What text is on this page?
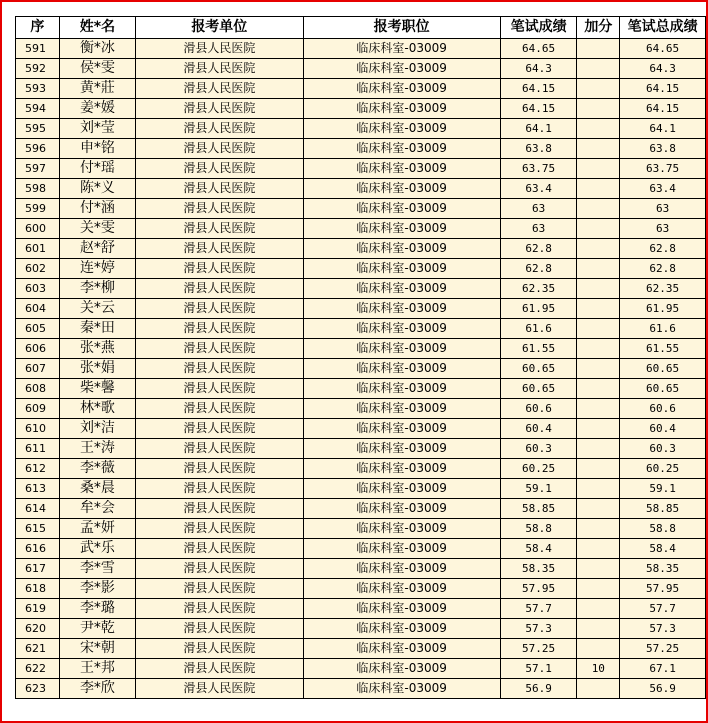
序	姓*名	报考单位	报考职位	笔试成绩	加分	笔试总成绩
591	衡*冰	滑县人民医院	临床科室-03009	64.65		64.65
592	侯*雯	滑县人民医院	临床科室-03009	64.3		64.3
593	黄*莊	滑县人民医院	临床科室-03009	64.15		64.15
594	姜*媛	滑县人民医院	临床科室-03009	64.15		64.15
595	刘*莹	滑县人民医院	临床科室-03009	64.1		64.1
596	申*铭	滑县人民医院	临床科室-03009	63.8		63.8
597	付*瑶	滑县人民医院	临床科室-03009	63.75		63.75
598	陈*义	滑县人民医院	临床科室-03009	63.4		63.4
599	付*涵	滑县人民医院	临床科室-03009	63		63
600	关*雯	滑县人民医院	临床科室-03009	63		63
601	赵*舒	滑县人民医院	临床科室-03009	62.8		62.8
602	连*婷	滑县人民医院	临床科室-03009	62.8		62.8
603	李*柳	滑县人民医院	临床科室-03009	62.35		62.35
604	关*云	滑县人民医院	临床科室-03009	61.95		61.95
605	秦*田	滑县人民医院	临床科室-03009	61.6		61.6
606	张*燕	滑县人民医院	临床科室-03009	61.55		61.55
607	张*娟	滑县人民医院	临床科室-03009	60.65		60.65
608	柴*馨	滑县人民医院	临床科室-03009	60.65		60.65
609	林*歌	滑县人民医院	临床科室-03009	60.6		60.6
610	刘*洁	滑县人民医院	临床科室-03009	60.4		60.4
611	王*涛	滑县人民医院	临床科室-03009	60.3		60.3
612	李*薇	滑县人民医院	临床科室-03009	60.25		60.25
613	桑*晨	滑县人民医院	临床科室-03009	59.1		59.1
614	牟*会	滑县人民医院	临床科室-03009	58.85		58.85
615	孟*妍	滑县人民医院	临床科室-03009	58.8		58.8
616	武*乐	滑县人民医院	临床科室-03009	58.4		58.4
617	李*雪	滑县人民医院	临床科室-03009	58.35		58.35
618	李*影	滑县人民医院	临床科室-03009	57.95		57.95
619	李*璐	滑县人民医院	临床科室-03009	57.7		57.7
620	尹*乾	滑县人民医院	临床科室-03009	57.3		57.3
621	宋*朝	滑县人民医院	临床科室-03009	57.25		57.25
622	王*邦	滑县人民医院	临床科室-03009	57.1	10	67.1
623	李*欣	滑县人民医院	临床科室-03009	56.9		56.9
